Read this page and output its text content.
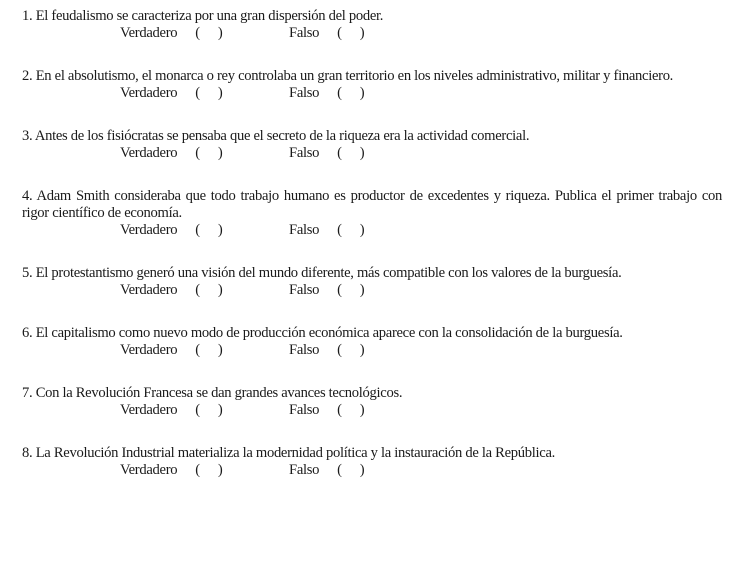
1. El feudalismo se caracteriza por una gran dispersión del poder.

Verdadero ( )	Falso ( )

2. En el absolutismo, el monarca o rey controlaba un gran territorio en los niveles administrativo, militar y financiero.

Verdadero ( )	Falso ( )

3. Antes de los fisiócratas se pensaba que el secreto de la riqueza era la actividad comercial.

Verdadero ( )	Falso ( )

4. Adam Smith consideraba que todo trabajo humano es productor de excedentes y riqueza. Publica el primer trabajo con rigor científico de economía.

Verdadero ( )	Falso ( )

5. El protestantismo generó una visión del mundo diferente, más compatible con los valores de la burguesía.

Verdadero ( )	Falso ( )

6. El capitalismo como nuevo modo de producción económica aparece con la consolidación de la burguesía.

Verdadero ( )	Falso ( )

7. Con la Revolución Francesa se dan grandes avances tecnológicos.

Verdadero ( )	Falso ( )

8. La Revolución Industrial materializa la modernidad política y la instauración de la República.

Verdadero ( )	Falso ( )
